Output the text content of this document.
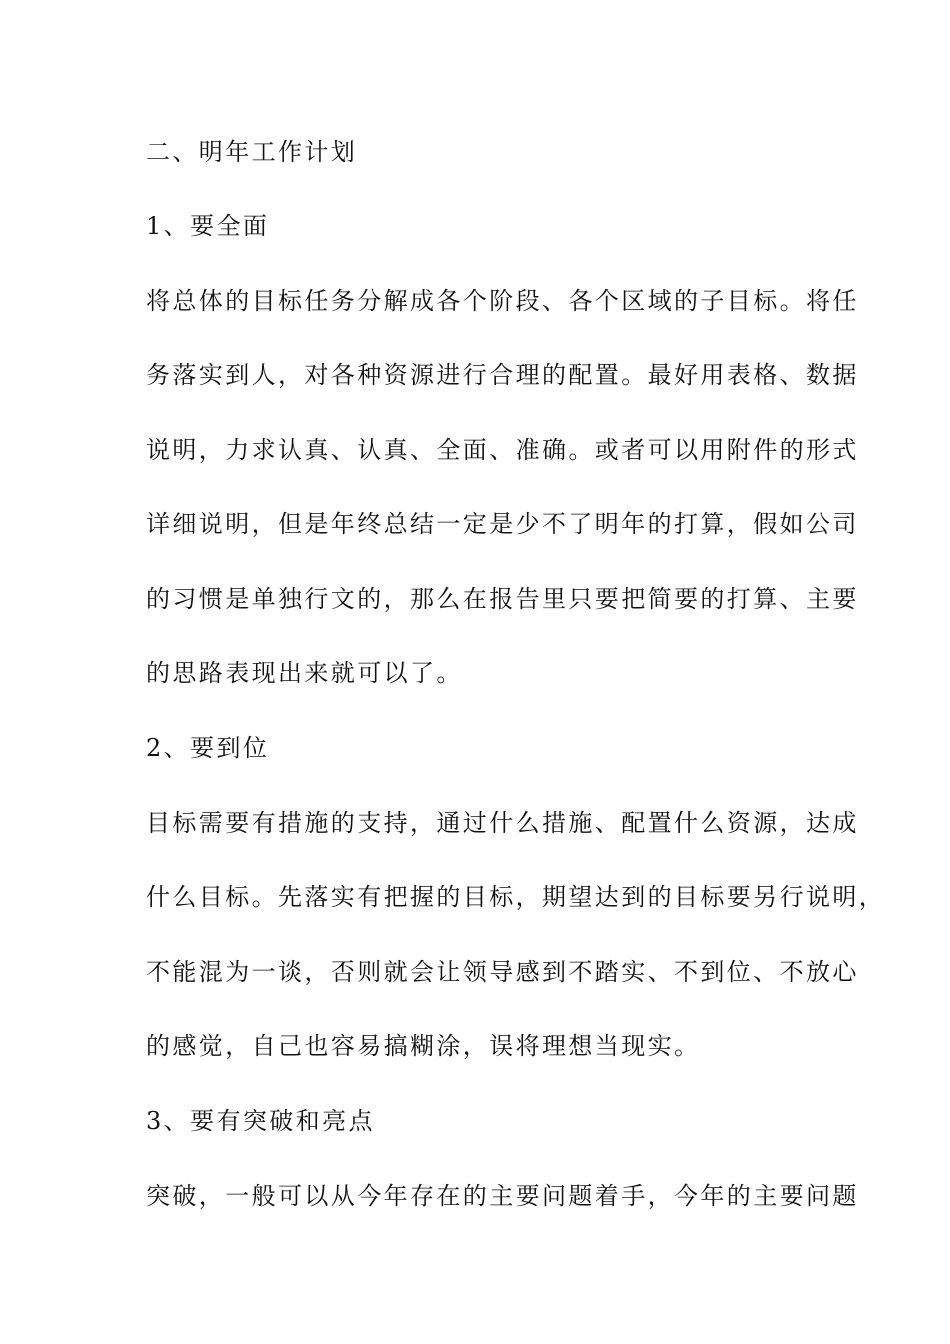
二、明年工作计划
1、要全面
将总体的目标任务分解成各个阶段、各个区域的子目标。将任
务落实到人，对各种资源进行合理的配置。最好用表格、数据
说明，力求认真、认真、全面、准确。或者可以用附件的形式
详细说明，但是年终总结一定是少不了明年的打算，假如公司
的习惯是单独行文的，那么在报告里只要把简要的打算、主要
的思路表现出来就可以了。
2、要到位
目标需要有措施的支持，通过什么措施、配置什么资源，达成
什么目标。先落实有把握的目标，期望达到的目标要另行说明，
不能混为一谈，否则就会让领导感到不踏实、不到位、不放心
的感觉，自己也容易搞糊涂，误将理想当现实。
3、要有突破和亮点
突破，一般可以从今年存在的主要问题着手，今年的主要问题
